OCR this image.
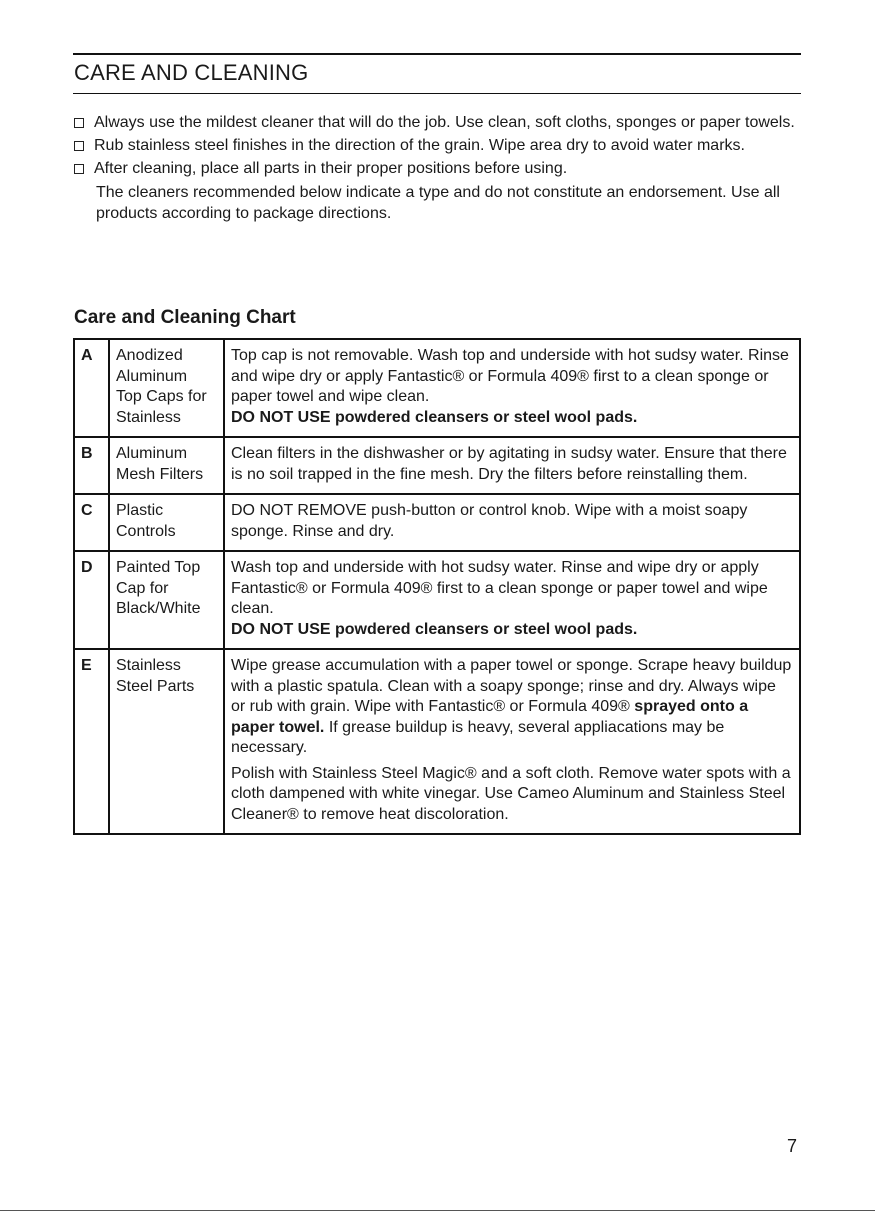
CARE AND CLEANING
Always use the mildest cleaner that will do the job. Use clean, soft cloths, sponges or paper towels.
Rub stainless steel finishes in the direction of the grain. Wipe area dry to avoid water marks.
After cleaning, place all parts in their proper positions before using.
The cleaners recommended below indicate a type and do not constitute an endorsement. Use all products according to package directions.
Care and Cleaning Chart
A	Anodized Aluminum Top Caps for Stainless	Top cap is not removable. Wash top and underside with hot sudsy water. Rinse and wipe dry or apply Fantastic® or Formula 409® first to a clean sponge or paper towel and wipe clean.
DO NOT USE powdered cleansers or steel wool pads.

B	Aluminum Mesh Filters	Clean filters in the dishwasher or by agitating in sudsy water. Ensure that there is no soil trapped in the fine mesh. Dry the filters before reinstalling them.

C	Plastic Controls	DO NOT REMOVE push-button or control knob. Wipe with a moist soapy sponge. Rinse and dry.

D	Painted Top Cap for Black/White	Wash top and underside with hot sudsy water. Rinse and wipe dry or apply Fantastic® or Formula 409® first to a clean sponge or paper towel and wipe clean.
DO NOT USE powdered cleansers or steel wool pads.

E	Stainless Steel Parts	Wipe grease accumulation with a paper towel or sponge. Scrape heavy buildup with a plastic spatula. Clean with a soapy sponge; rinse and dry. Always wipe or rub with grain. Wipe with Fantastic® or Formula 409® sprayed onto a paper towel. If grease buildup is heavy, several appliacations may be necessary.
Polish with Stainless Steel Magic® and a soft cloth. Remove water spots with a cloth dampened with white vinegar. Use Cameo Aluminum and Stainless Steel Cleaner® to remove heat discoloration.
7
